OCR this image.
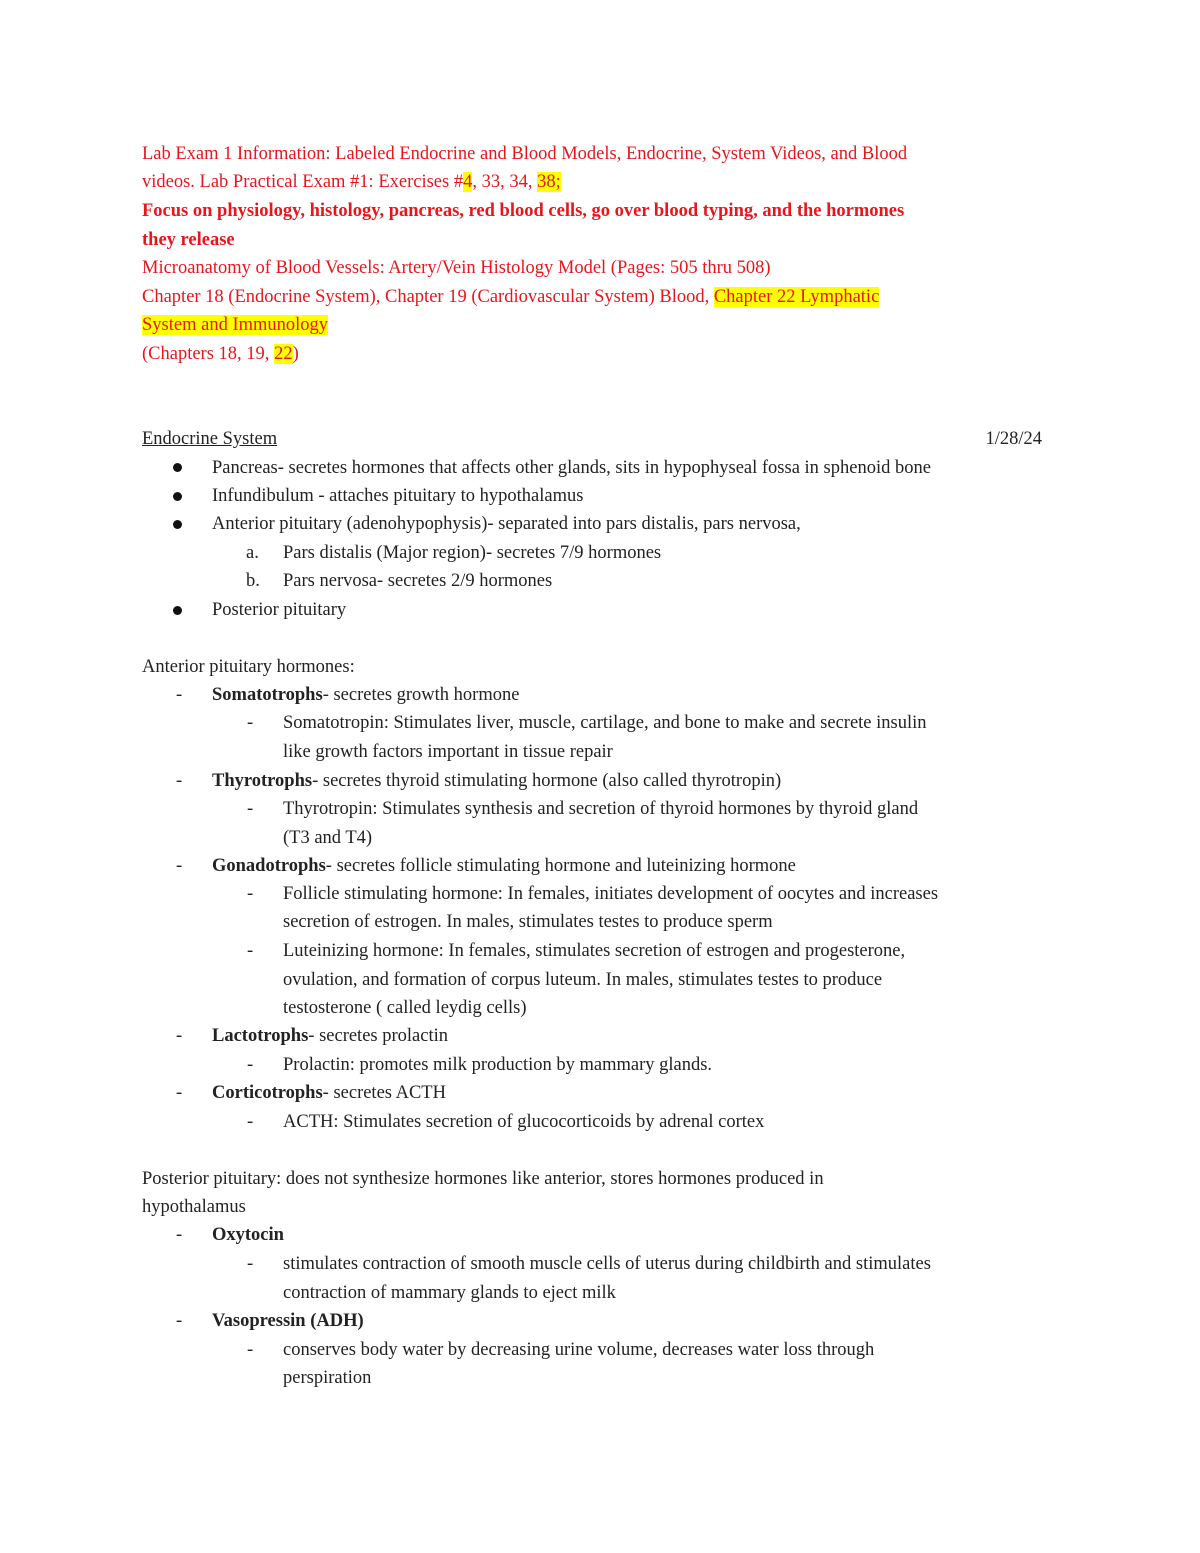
Lab Exam 1 Information: Labeled Endocrine and Blood Models, Endocrine, System Videos, and Blood
videos. Lab Practical Exam #1: Exercises #4, 33, 34, 38;
Focus on physiology, histology, pancreas, red blood cells, go over blood typing, and the hormones
they release
Microanatomy of Blood Vessels: Artery/Vein Histology Model (Pages: 505 thru 508)
Chapter 18 (Endocrine System), Chapter 19 (Cardiovascular System) Blood, Chapter 22 Lymphatic
System and Immunology
(Chapters 18, 19, 22)
Endocrine System	1/28/24
Pancreas- secretes hormones that affects other glands, sits in hypophyseal fossa in sphenoid bone
Infundibulum - attaches pituitary to hypothalamus
Anterior pituitary (adenohypophysis)- separated into pars distalis, pars nervosa,
a. Pars distalis (Major region)- secretes 7/9 hormones
b. Pars nervosa- secretes 2/9 hormones
Posterior pituitary
Anterior pituitary hormones:
- Somatotrophs- secretes growth hormone
- Somatotropin: Stimulates liver, muscle, cartilage, and bone to make and secrete insulin
like growth factors important in tissue repair
- Thyrotrophs- secretes thyroid stimulating hormone (also called thyrotropin)
- Thyrotropin: Stimulates synthesis and secretion of thyroid hormones by thyroid gland
(T3 and T4)
- Gonadotrophs- secretes follicle stimulating hormone and luteinizing hormone
- Follicle stimulating hormone: In females, initiates development of oocytes and increases
secretion of estrogen. In males, stimulates testes to produce sperm
- Luteinizing hormone: In females, stimulates secretion of estrogen and progesterone,
ovulation, and formation of corpus luteum. In males, stimulates testes to produce
testosterone ( called leydig cells)
- Lactotrophs- secretes prolactin
- Prolactin: promotes milk production by mammary glands.
- Corticotrophs- secretes ACTH
- ACTH: Stimulates secretion of glucocorticoids by adrenal cortex
Posterior pituitary: does not synthesize hormones like anterior, stores hormones produced in
hypothalamus
- Oxytocin
- stimulates contraction of smooth muscle cells of uterus during childbirth and stimulates
contraction of mammary glands to eject milk
- Vasopressin (ADH)
- conserves body water by decreasing urine volume, decreases water loss through
perspiration
